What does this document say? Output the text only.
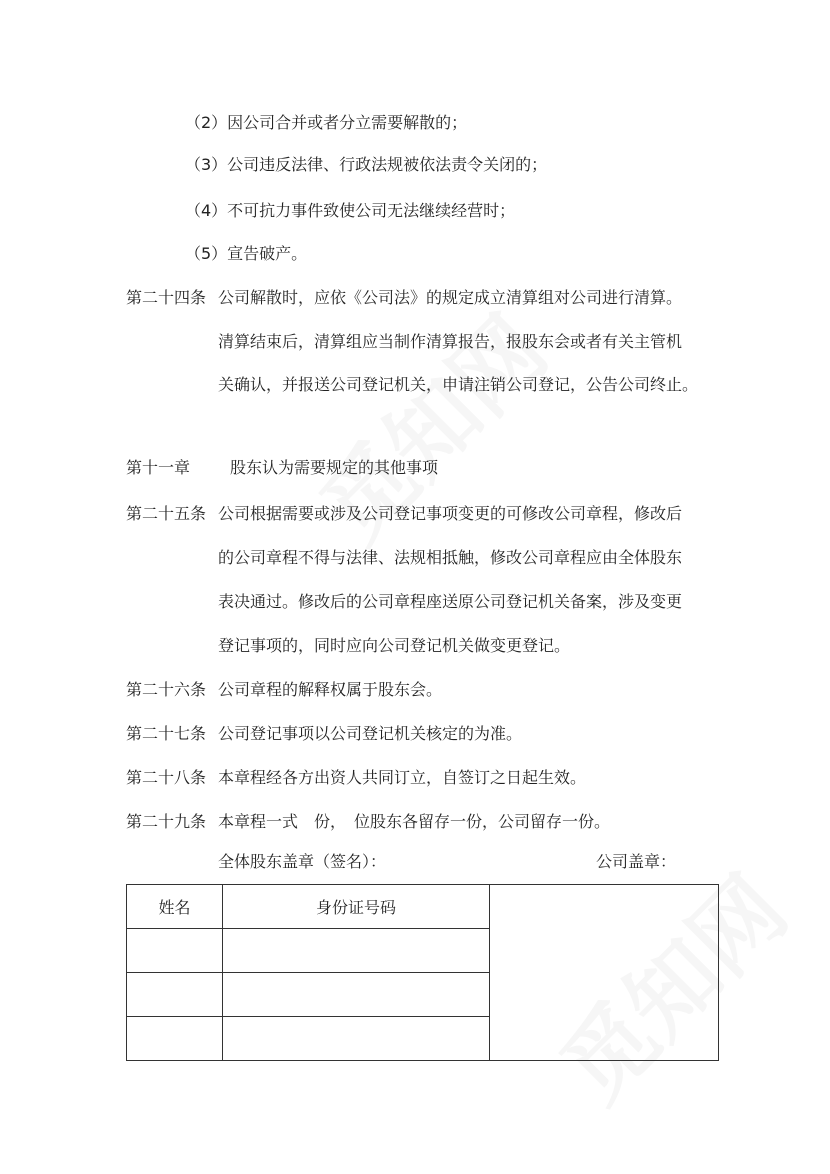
（2）因公司合并或者分立需要解散的；
（3）公司违反法律、行政法规被依法责令关闭的；
（4）不可抗力事件致使公司无法继续经营时；
（5）宣告破产。
第二十四条 公司解散时，应依《公司法》的规定成立清算组对公司进行清算。
清算结束后，清算组应当制作清算报告，报股东会或者有关主管机
关确认，并报送公司登记机关，申请注销公司登记，公告公司终止。
第十一章 股东认为需要规定的其他事项
第二十五条 公司根据需要或涉及公司登记事项变更的可修改公司章程，修改后
的公司章程不得与法律、法规相抵触，修改公司章程应由全体股东
表决通过。修改后的公司章程座送原公司登记机关备案，涉及变更
登记事项的，同时应向公司登记机关做变更登记。
第二十六条 公司章程的解释权属于股东会。
第二十七条 公司登记事项以公司登记机关核定的为准。
第二十八条 本章程经各方出资人共同订立，自签订之日起生效。
第二十九条 本章程一式　份，　位股东各留存一份，公司留存一份。
全体股东盖章（签名）：	公司盖章：
姓名	身份证号码	
